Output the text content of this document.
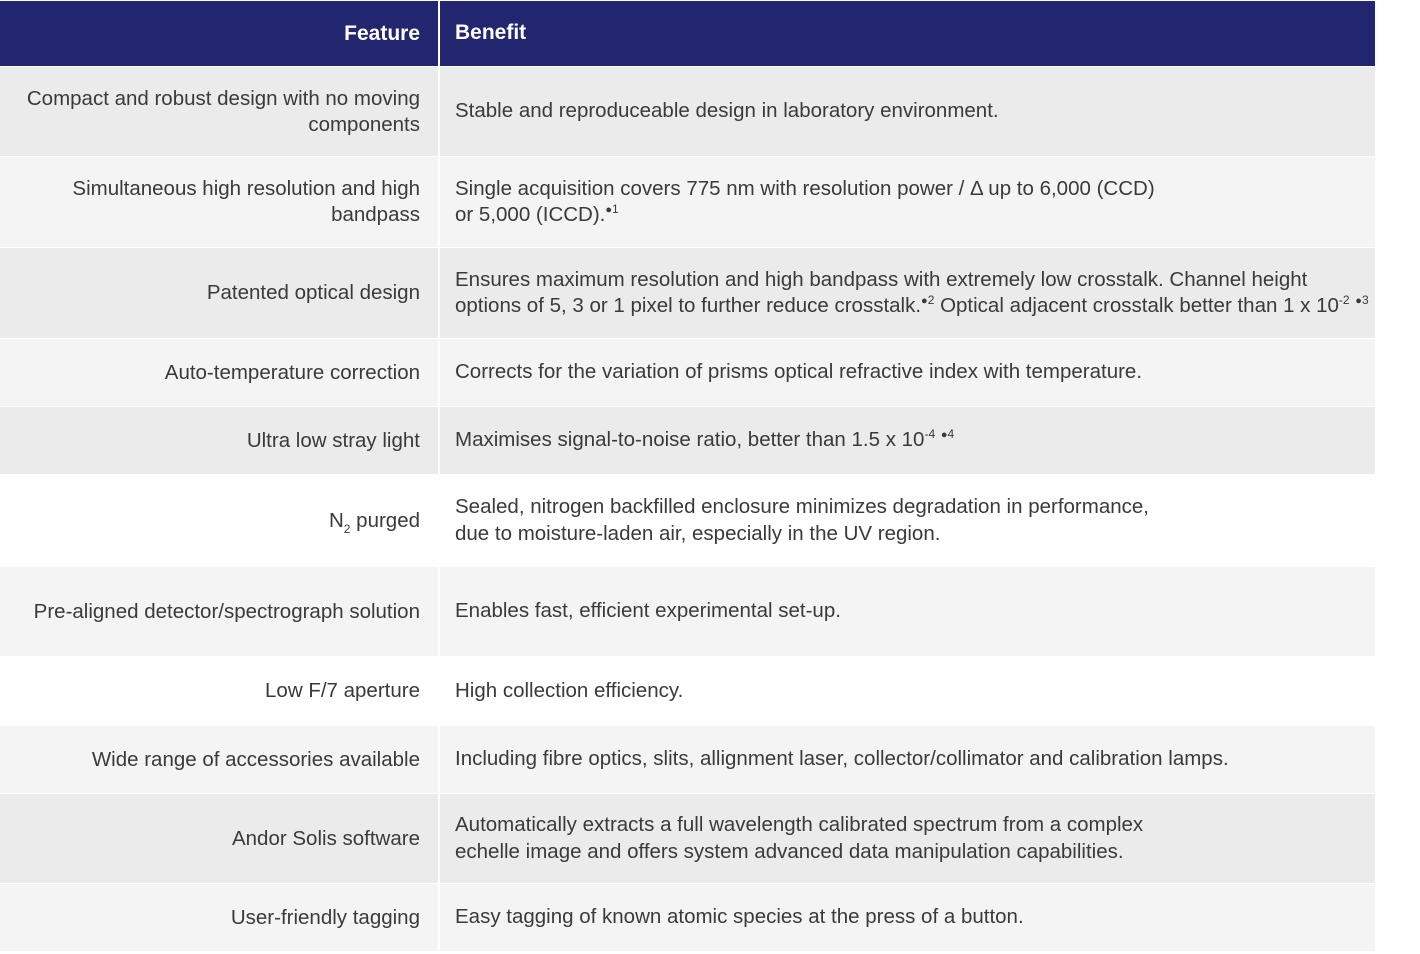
Feature	Benefit
Compact and robust design with no moving components
Stable and reproduceable design in laboratory environment.
Simultaneous high resolution and high bandpass
Single acquisition covers 775 nm with resolution power / Δ up to 6,000 (CCD)
or 5,000 (ICCD).$^{●1}$
Patented optical design
Ensures maximum resolution and high bandpass with extremely low crosstalk. Channel height options of 5, 3 or 1 pixel to further reduce crosstalk.$^{●2}$ Optical adjacent crosstalk better than 1 x 10$^{-2}$ $^{●3}$
Auto-temperature correction Corrects for the variation of prisms optical refractive index with temperature.
Ultra low stray light Maximises signal-to-noise ratio, better than 1.5 x 10$^{-4}$ $^{●4}$
$N_2$ purged
Sealed, nitrogen backfilled enclosure minimizes degradation in performance,
due to moisture-laden air, especially in the UV region.
Pre-aligned detector/spectrograph solution Enables fast, efficient experimental set-up.
Low F/7 aperture High collection efficiency.
Wide range of accessories available Including fibre optics, slits, allignment laser, collector/collimator and calibration lamps.
Andor Solis software
Automatically extracts a full wavelength calibrated spectrum from a complex
echelle image and offers system advanced data manipulation capabilities.
User-friendly tagging Easy tagging of known atomic species at the press of a button.
